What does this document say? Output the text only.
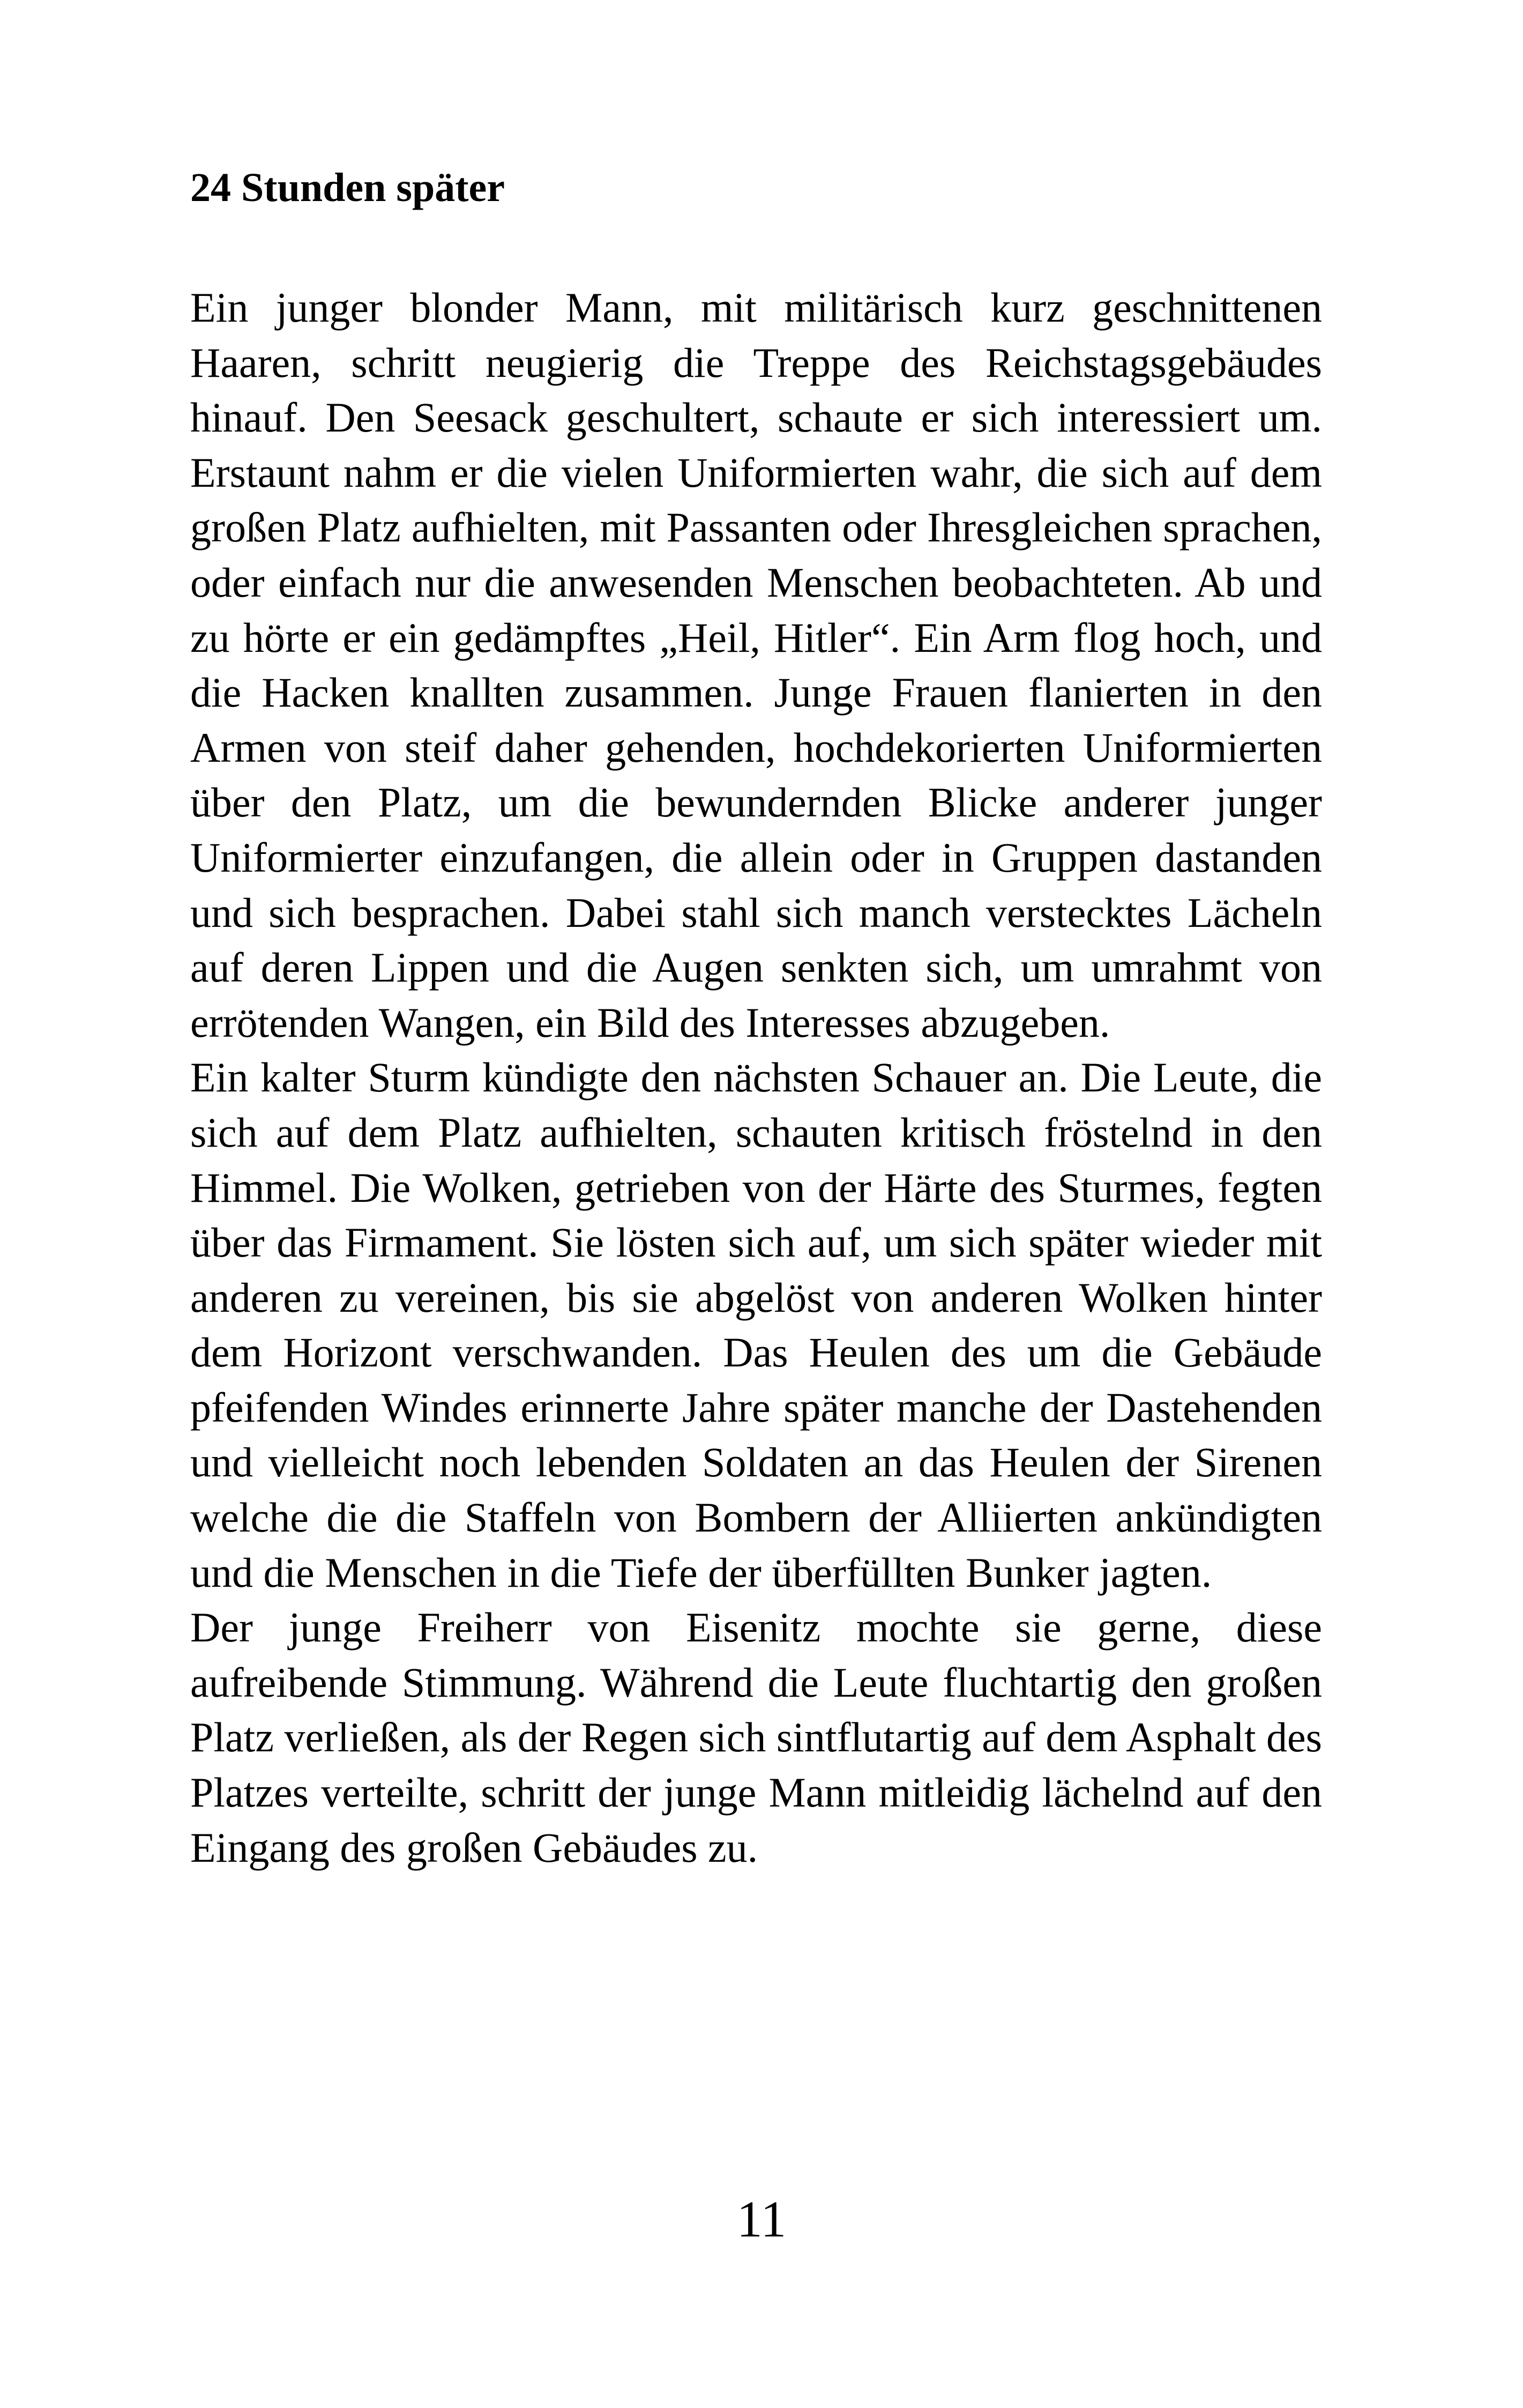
24 Stunden später

Ein junger blonder Mann, mit militärisch kurz geschnittenen Haaren, schritt neugierig die Treppe des Reichstagsgebäudes hinauf. Den Seesack geschultert, schaute er sich interessiert um. Erstaunt nahm er die vielen Uniformierten wahr, die sich auf dem großen Platz aufhielten, mit Passanten oder Ihresgleichen sprachen, oder einfach nur die anwesenden Menschen beobachteten. Ab und zu hörte er ein gedämpftes „Heil, Hitler“. Ein Arm flog hoch, und die Hacken knallten zusammen. Junge Frauen flanierten in den Armen von steif daher gehenden, hochdekorierten Uniformierten über den Platz, um die bewundernden Blicke anderer junger Uniformierter einzufangen, die allein oder in Gruppen dastanden und sich besprachen. Dabei stahl sich manch verstecktes Lächeln auf deren Lippen und die Augen senkten sich, um umrahmt von errötenden Wangen, ein Bild des Interesses abzugeben.

Ein kalter Sturm kündigte den nächsten Schauer an. Die Leute, die sich auf dem Platz aufhielten, schauten kritisch fröstelnd in den Himmel. Die Wolken, getrieben von der Härte des Sturmes, fegten über das Firmament. Sie lösten sich auf, um sich später wieder mit anderen zu vereinen, bis sie abgelöst von anderen Wolken hinter dem Horizont verschwanden. Das Heulen des um die Gebäude pfeifenden Windes erinnerte Jahre später manche der Dastehenden und vielleicht noch lebenden Soldaten an das Heulen der Sirenen welche die die Staffeln von Bombern der Alliierten ankündigten und die Menschen in die Tiefe der überfüllten Bunker jagten.

Der junge Freiherr von Eisenitz mochte sie gerne, diese aufreibende Stimmung. Während die Leute fluchtartig den großen Platz verließen, als der Regen sich sintflutartig auf dem Asphalt des Platzes verteilte, schritt der junge Mann mitleidig lächelnd auf den Eingang des großen Gebäudes zu.

11
